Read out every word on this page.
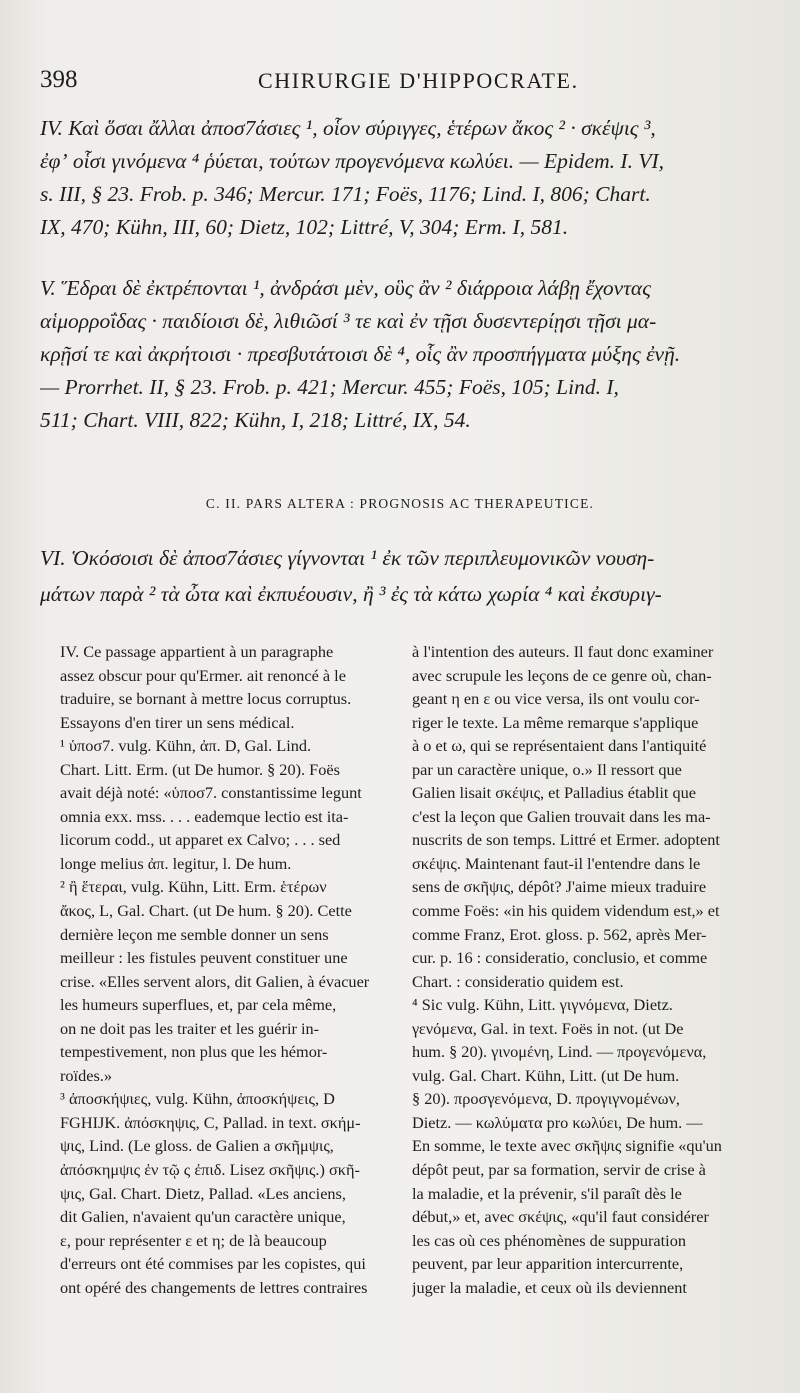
398	CHIRURGIE D'HIPPOCRATE.
IV. Καὶ ὅσαι ἄλλαι ἀποσ7άσιες ¹, οἷον σύριγγες, ἑτέρων ἄκος ² · σκέψις ³,
ἐφʼ οἷσι γινόμενα ⁴ ῥύεται, τούτων προγενόμενα κωλύει. — Epidem. I. VI,
s. III, § 23. Frob. p. 346; Mercur. 171; Foës, 1176; Lind. I, 806; Chart.
IX, 470; Kühn, III, 60; Dietz, 102; Littré, V, 304; Erm. I, 581.
V. Ἕδραι δὲ ἐκτρέπονται ¹, ἀνδράσι μὲν, οὓς ἂν ² διάρροια λάβῃ ἔχοντας
αἱμορροΐδας · παιδίοισι δὲ, λιθιῶσί ³ τε καὶ ἐν τῇσι δυσεντερίῃσι τῇσι μα-
κρῇσί τε καὶ ἀκρήτοισι · πρεσβυτάτοισι δὲ ⁴, οἷς ἂν προσπήγματα μύξης ἐνῇ.
— Prorrhet. II, § 23. Frob. p. 421; Mercur. 455; Foës, 105; Lind. I,
511; Chart. VIII, 822; Kühn, I, 218; Littré, IX, 54.
C. II. PARS ALTERA : PROGNOSIS AC THERAPEUTICE.
VI. Ὁκόσοισι δὲ ἀποσ7άσιες γίγνονται ¹ ἐκ τῶν περιπλευμονικῶν νουση-
μάτων παρὰ ² τὰ ὦτα καὶ ἐκπυέουσιν, ἢ ³ ἐς τὰ κάτω χωρία ⁴ καὶ ἐκσυριγ-
IV. Ce passage appartient à un paragraphe
assez obscur pour qu'Ermer. ait renoncé à le
traduire, se bornant à mettre locus corruptus.
Essayons d'en tirer un sens médical.
¹ ὑποσ7. vulg. Kühn, ἀπ. D, Gal. Lind.
Chart. Litt. Erm. (ut De humor. § 20). Foës
avait déjà noté: «ὑποσ7. constantissime legunt
omnia exx. mss. . . . eademque lectio est ita-
licorum codd., ut apparet ex Calvo; . . . sed
longe melius ἀπ. legitur, l. De hum.
² ἢ ἕτεραι, vulg. Kühn, Litt. Erm. ἑτέρων
ἄκος, L, Gal. Chart. (ut De hum. § 20). Cette
dernière leçon me semble donner un sens
meilleur : les fistules peuvent constituer une
crise. «Elles servent alors, dit Galien, à évacuer
les humeurs superflues, et, par cela même,
on ne doit pas les traiter et les guérir in-
tempestivement, non plus que les hémor-
roïdes.»
³ ἀποσκήψιες, vulg. Kühn, ἀποσκήψεις, D
FGHIJK. ἀπόσκηψις, C, Pallad. in text. σκήμ-
ψις, Lind. (Le gloss. de Galien a σκῆμψις,
ἀπόσκημψις ἐν τῷ ς ἐπιδ. Lisez σκῆψις.) σκῆ-
ψις, Gal. Chart. Dietz, Pallad. «Les anciens,
dit Galien, n'avaient qu'un caractère unique,
ε, pour représenter ε et η; de là beaucoup
d'erreurs ont été commises par les copistes, qui
ont opéré des changements de lettres contraires
à l'intention des auteurs. Il faut donc examiner
avec scrupule les leçons de ce genre où, chan-
geant η en ε ou vice versa, ils ont voulu cor-
riger le texte. La même remarque s'applique
à o et ω, qui se représentaient dans l'antiquité
par un caractère unique, o.» Il ressort que
Galien lisait σκέψις, et Palladius établit que
c'est la leçon que Galien trouvait dans les ma-
nuscrits de son temps. Littré et Ermer. adoptent
σκέψις. Maintenant faut-il l'entendre dans le
sens de σκῆψις, dépôt? J'aime mieux traduire
comme Foës: «in his quidem videndum est,» et
comme Franz, Erot. gloss. p. 562, après Mer-
cur. p. 16 : consideratio, conclusio, et comme
Chart. : consideratio quidem est.
⁴ Sic vulg. Kühn, Litt. γιγνόμενα, Dietz.
γενόμενα, Gal. in text. Foës in not. (ut De
hum. § 20). γινομένη, Lind. — προγενόμενα,
vulg. Gal. Chart. Kühn, Litt. (ut De hum.
§ 20). προσγενόμενα, D. προγιγνομένων,
Dietz. — κωλύματα pro κωλύει, De hum. —
En somme, le texte avec σκῆψις signifie «qu'un
dépôt peut, par sa formation, servir de crise à
la maladie, et la prévenir, s'il paraît dès le
début,» et, avec σκέψις, «qu'il faut considérer
les cas où ces phénomènes de suppuration
peuvent, par leur apparition intercurrente,
juger la maladie, et ceux où ils deviennent
